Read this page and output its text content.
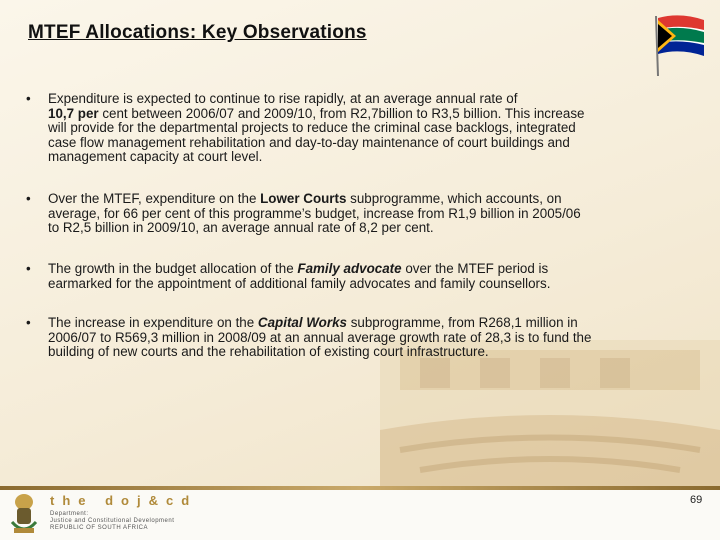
MTEF Allocations: Key Observations
• Expenditure is expected to continue to rise rapidly, at an average annual rate of
10,7 per cent between 2006/07 and 2009/10, from R2,7billion to R3,5 billion. This increase
will provide for the departmental projects to reduce the criminal case backlogs, integrated
case flow management rehabilitation and day-to-day maintenance of court buildings and
management capacity at court level.
• Over the MTEF, expenditure on the Lower Courts subprogramme, which accounts, on
average, for 66 per cent of this programme’s budget, increase from R1,9 billion in 2005/06
to R2,5 billion in 2009/10, an average annual rate of 8,2 per cent.
• The growth in the budget allocation of the Family advocate over the MTEF period is
earmarked for the appointment of additional family advocates and family counsellors.
• The increase in expenditure on the Capital Works subprogramme, from R268,1 million in
2006/07 to R569,3 million in 2008/09 at an annual average growth rate of 28,3 is to fund the
building of new courts and the rehabilitation of existing court infrastructure.
the doj&cd
Department:
Justice and Constitutional Development
REPUBLIC OF SOUTH AFRICA
69
